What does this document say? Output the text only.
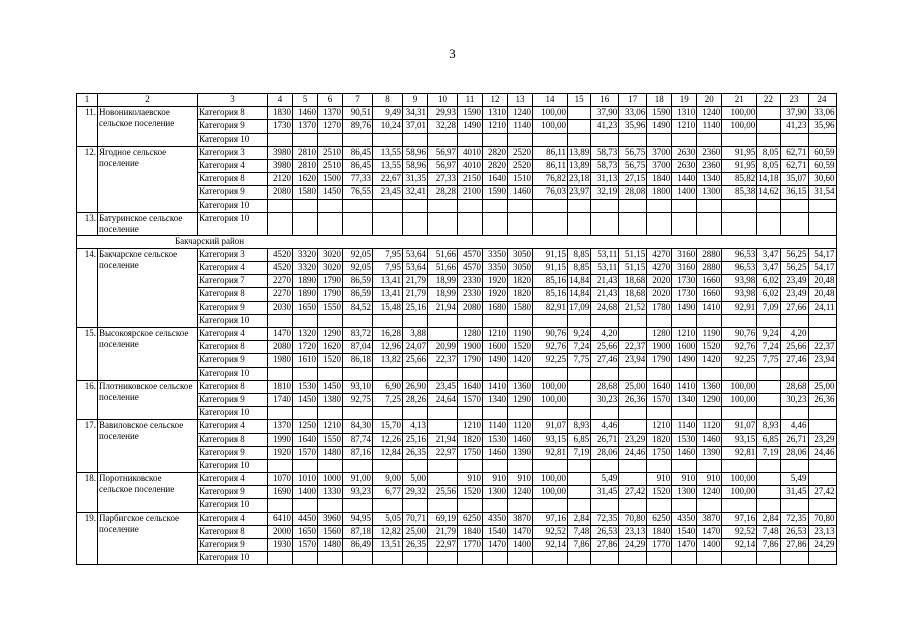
3
1	2	3	4	5	6	7	8	9	10	11	12	13	14	15	16	17	18	19	20	21	22	23	24
11.	Новониколаевское сельское поселение	Категория 8	1830	1460	1370	90,51	9,49	34,31	29,93	1590	1310	1240	100,00		37,90	33,06	1590	1310	1240	100,00		37,90	33,06
		Категория 9	1730	1370	1270	89,76	10,24	37,01	32,28	1490	1210	1140	100,00		41,23	35,96	1490	1210	1140	100,00		41,23	35,96
		Категория 10																					
12.	Ягодное сельское поселение	Категория 3	3980	2810	2510	86,45	13,55	58,96	56,97	4010	2820	2520	86,11	13,89	58,73	56,75	3700	2630	2360	91,95	8,05	62,71	60,59
		Категория 4	3980	2810	2510	86,45	13,55	58,96	56,97	4010	2820	2520	86,11	13,89	58,73	56,75	3700	2630	2360	91,95	8,05	62,71	60,59
		Категория 8	2120	1620	1500	77,33	22,67	31,35	27,33	2150	1640	1510	76,82	23,18	31,13	27,15	1840	1440	1340	85,82	14,18	35,07	30,60
		Категория 9	2080	1580	1450	76,55	23,45	32,41	28,28	2100	1590	1460	76,03	23,97	32,19	28,08	1800	1400	1300	85,38	14,62	36,15	31,54
		Категория 10																					
13.	Батуринское сельское поселение	Категория 10																					
Бакчарский район																							
14.	Бакчарское сельское поселение	Категория 3	4520	3320	3020	92,05	7,95	53,64	51,66	4570	3350	3050	91,15	8,85	53,11	51,15	4270	3160	2880	96,53	3,47	56,25	54,17
		Категория 4	4520	3320	3020	92,05	7,95	53,64	51,66	4570	3350	3050	91,15	8,85	53,11	51,15	4270	3160	2880	96,53	3,47	56,25	54,17
		Категория 7	2270	1890	1790	86,59	13,41	21,79	18,99	2330	1920	1820	85,16	14,84	21,43	18,68	2020	1730	1660	93,98	6,02	23,49	20,48
		Категория 8	2270	1890	1790	86,59	13,41	21,79	18,99	2330	1920	1820	85,16	14,84	21,43	18,68	2020	1730	1660	93,98	6,02	23,49	20,48
		Категория 9	2030	1650	1550	84,52	15,48	25,16	21,94	2080	1680	1580	82,91	17,09	24,68	21,52	1780	1490	1410	92,91	7,09	27,66	24,11
		Категория 10																					
15.	Высокоярское сельское поселение	Категория 4	1470	1320	1290	83,72	16,28	3,88		1280	1210	1190	90,76	9,24	4,20		1280	1210	1190	90,76	9,24	4,20	
		Категория 8	2080	1720	1620	87,04	12,96	24,07	20,99	1900	1600	1520	92,76	7,24	25,66	22,37	1900	1600	1520	92,76	7,24	25,66	22,37
		Категория 9	1980	1610	1520	86,18	13,82	25,66	22,37	1790	1490	1420	92,25	7,75	27,46	23,94	1790	1490	1420	92,25	7,75	27,46	23,94
		Категория 10																					
16.	Плотниковское сельское поселение	Категория 8	1810	1530	1450	93,10	6,90	26,90	23,45	1640	1410	1360	100,00		28,68	25,00	1640	1410	1360	100,00		28,68	25,00
		Категория 9	1740	1450	1380	92,75	7,25	28,26	24,64	1570	1340	1290	100,00		30,23	26,36	1570	1340	1290	100,00		30,23	26,36
		Категория 10																					
17.	Вавиловское сельское поселение	Категория 4	1370	1250	1210	84,30	15,70	4,13		1210	1140	1120	91,07	8,93	4,46		1210	1140	1120	91,07	8,93	4,46	
		Категория 8	1990	1640	1550	87,74	12,26	25,16	21,94	1820	1530	1460	93,15	6,85	26,71	23,29	1820	1530	1460	93,15	6,85	26,71	23,29
		Категория 9	1920	1570	1480	87,16	12,84	26,35	22,97	1750	1460	1390	92,81	7,19	28,06	24,46	1750	1460	1390	92,81	7,19	28,06	24,46
		Категория 10																					
18.	Поротниковское сельское поселение	Категория 4	1070	1010	1000	91,00	9,00	5,00		910	910	910	100,00		5,49		910	910	910	100,00		5,49	
		Категория 9	1690	1400	1330	93,23	6,77	29,32	25,56	1520	1300	1240	100,00		31,45	27,42	1520	1300	1240	100,00		31,45	27,42
		Категория 10																					
19.	Парбигское сельское поселение	Категория 4	6410	4450	3960	94,95	5,05	70,71	69,19	6250	4350	3870	97,16	2,84	72,35	70,80	6250	4350	3870	97,16	2,84	72,35	70,80
		Категория 8	2000	1650	1560	87,18	12,82	25,00	21,79	1840	1540	1470	92,52	7,48	26,53	23,13	1840	1540	1470	92,52	7,48	26,53	23,13
		Категория 9	1930	1570	1480	86,49	13,51	26,35	22,97	1770	1470	1400	92,14	7,86	27,86	24,29	1770	1470	1400	92,14	7,86	27,86	24,29
		Категория 10																					
